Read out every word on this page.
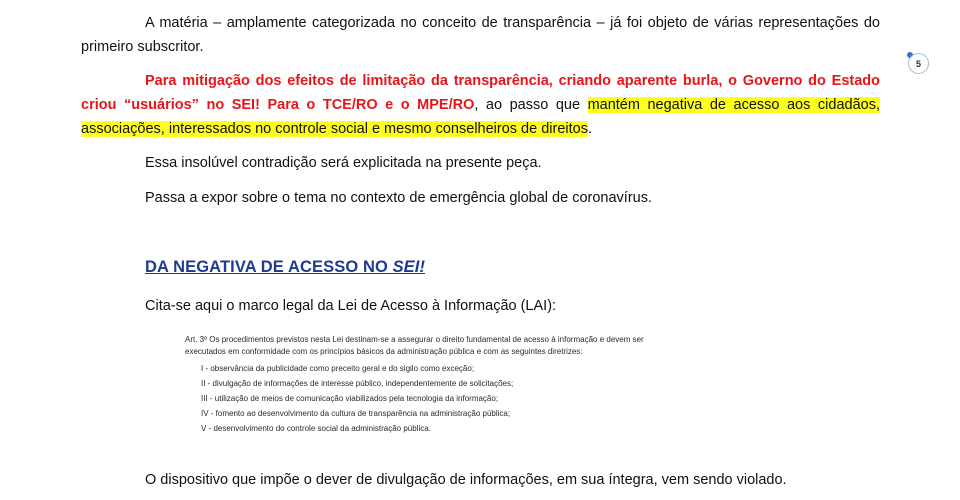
5

A matéria – amplamente categorizada no conceito de transparência – já foi objeto de várias representações do primeiro subscritor.

Para mitigação dos efeitos de limitação da transparência, criando aparente burla, o Governo do Estado criou “usuários” no SEI! Para o TCE/RO e o MPE/RO, ao passo que mantém negativa de acesso aos cidadãos, associações, interessados no controle social e mesmo conselheiros de direitos.

Essa insolúvel contradição será explicitada na presente peça.

Passa a expor sobre o tema no contexto de emergência global de coronavírus.

DA NEGATIVA DE ACESSO NO SEI!

Cita-se aqui o marco legal da Lei de Acesso à Informação (LAI):

Art. 3º Os procedimentos previstos nesta Lei destinam-se a assegurar o direito fundamental de acesso à informação e devem ser executados em conformidade com os princípios básicos da administração pública e com as seguintes diretrizes:

I - observância da publicidade como preceito geral e do sigilo como exceção;

II - divulgação de informações de interesse público, independentemente de solicitações;

III - utilização de meios de comunicação viabilizados pela tecnologia da informação;

IV - fomento ao desenvolvimento da cultura de transparência na administração pública;

V - desenvolvimento do controle social da administração pública.

O dispositivo que impõe o dever de divulgação de informações, em sua íntegra, vem sendo violado.
